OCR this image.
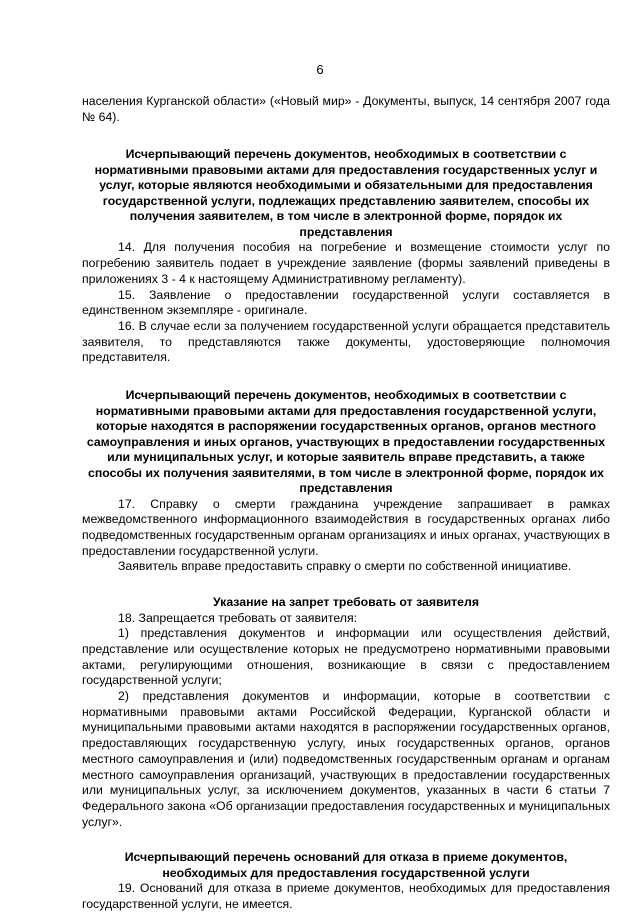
6

населения Курганской области» («Новый мир» - Документы, выпуск, 14 сентября 2007 года № 64).

Исчерпывающий перечень документов, необходимых в соответствии с нормативными правовыми актами для предоставления государственных услуг и услуг, которые являются необходимыми и обязательными для предоставления государственной услуги, подлежащих представлению заявителем, способы их получения заявителем, в том числе в электронной форме, порядок их представления

14. Для получения пособия на погребение и возмещение стоимости услуг по погребению заявитель подает в учреждение заявление (формы заявлений приведены в приложениях 3 - 4 к настоящему Административному регламенту).

15. Заявление о предоставлении государственной услуги составляется в единственном экземпляре - оригинале.

16. В случае если за получением государственной услуги обращается представитель заявителя, то представляются также документы, удостоверяющие полномочия представителя.

Исчерпывающий перечень документов, необходимых в соответствии с нормативными правовыми актами для предоставления государственной услуги, которые находятся в распоряжении государственных органов, органов местного самоуправления и иных органов, участвующих в предоставлении государственных или муниципальных услуг, и которые заявитель вправе представить, а также способы их получения заявителями, в том числе в электронной форме, порядок их представления

17. Справку о смерти гражданина учреждение запрашивает в рамках межведомственного информационного взаимодействия в государственных органах либо подведомственных государственным органам организациях и иных органах, участвующих в предоставлении государственной услуги.

Заявитель вправе предоставить справку о смерти по собственной инициативе.

Указание на запрет требовать от заявителя

18. Запрещается требовать от заявителя:

1) представления документов и информации или осуществления действий, представление или осуществление которых не предусмотрено нормативными правовыми актами, регулирующими отношения, возникающие в связи с предоставлением государственной услуги;

2) представления документов и информации, которые в соответствии с нормативными правовыми актами Российской Федерации, Курганской области и муниципальными правовыми актами находятся в распоряжении государственных органов, предоставляющих государственную услугу, иных государственных органов, органов местного самоуправления и (или) подведомственных государственным органам и органам местного самоуправления организаций, участвующих в предоставлении государственных или муниципальных услуг, за исключением документов, указанных в части 6 статьи 7 Федерального закона «Об организации предоставления государственных и муниципальных услуг».

Исчерпывающий перечень оснований для отказа в приеме документов, необходимых для предоставления государственной услуги

19. Оснований для отказа в приеме документов, необходимых для предоставления государственной услуги, не имеется.
